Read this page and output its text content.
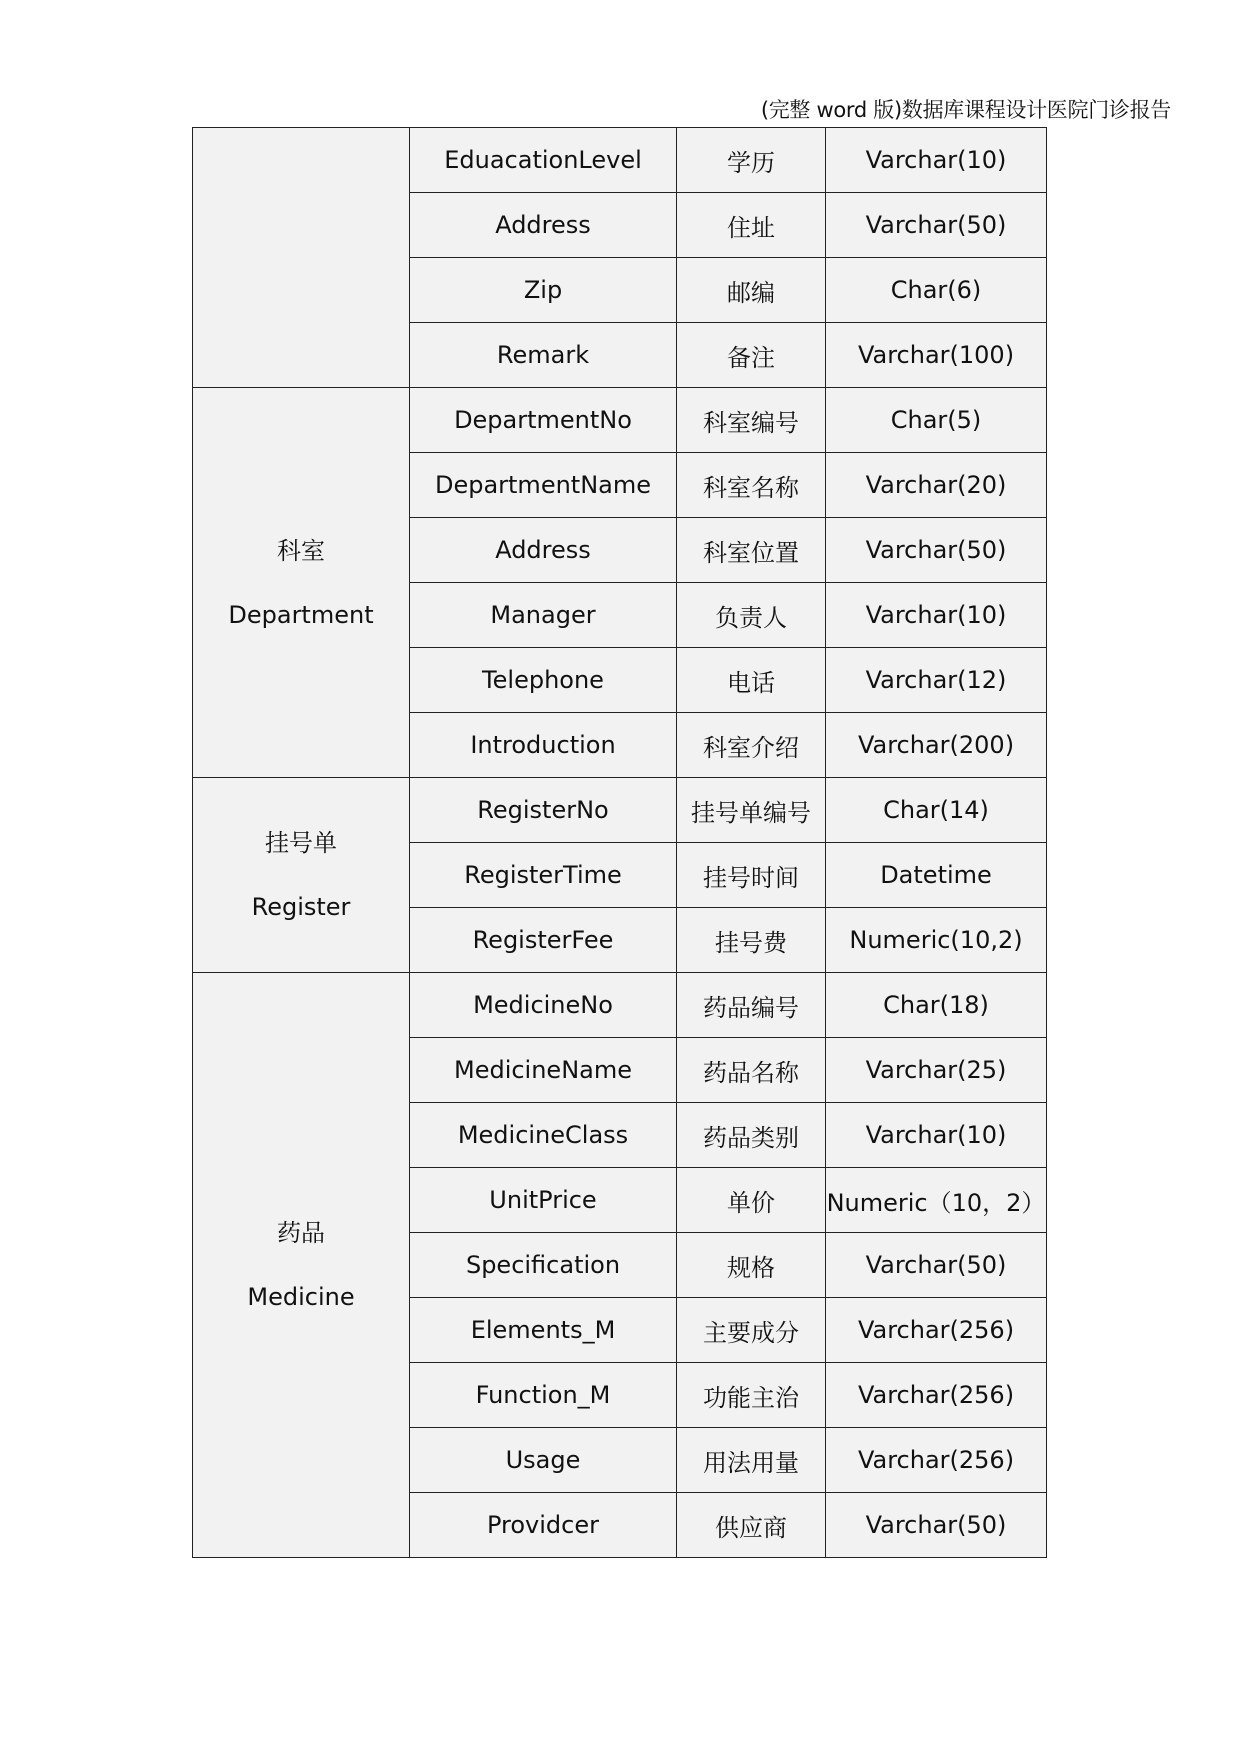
(完整 word 版)数据库课程设计医院门诊报告
	EduacationLevel	学历	Varchar(10)
	Address	住址	Varchar(50)
	Zip	邮编	Char(6)
	Remark	备注	Varchar(100)

科室
Department	DepartmentNo	科室编号	Char(5)
	DepartmentName	科室名称	Varchar(20)
	Address	科室位置	Varchar(50)
	Manager	负责人	Varchar(10)
	Telephone	电话	Varchar(12)
	Introduction	科室介绍	Varchar(200)

挂号单
Register	RegisterNo	挂号单编号	Char(14)
	RegisterTime	挂号时间	Datetime
	RegisterFee	挂号费	Numeric(10,2)

药品
Medicine	MedicineNo	药品编号	Char(18)
	MedicineName	药品名称	Varchar(25)
	MedicineClass	药品类别	Varchar(10)
	UnitPrice	单价	Numeric（10，2）
	Specification	规格	Varchar(50)
	Elements_M	主要成分	Varchar(256)
	Function_M	功能主治	Varchar(256)
	Usage	用法用量	Varchar(256)
	Providcer	供应商	Varchar(50)
